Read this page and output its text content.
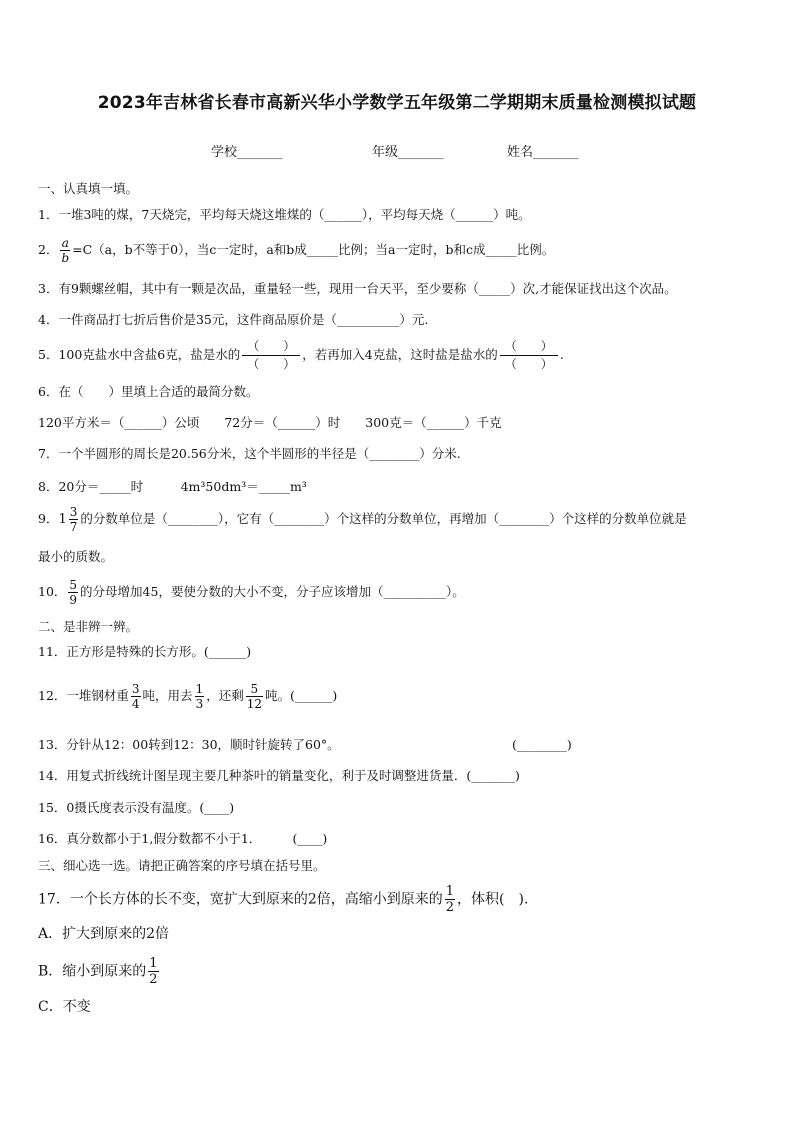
2023年吉林省长春市高新兴华小学数学五年级第二学期期末质量检测模拟试题
学校_______	年级_______	姓名_______
一、认真填一填。
1．一堆3吨的煤，7天烧完，平均每天烧这堆煤的（______），平均每天烧（______）吨。
2． $\frac{a}{b} =C(a$，b不等于0），当c一定时，a和b成_____比例；当a一定时，b和c成_____比例。
3．有9颗螺丝帽，其中有一颗是次品，重量轻一些，现用一台天平，至少要称（_____）次,才能保证找出这个次品。
4．一件商品打七折后售价是35元，这件商品原价是（__________）元.
5．100克盐水中含盐6克，盐是水的
（　　）
（　　）
，若再加入4克盐，这时盐是盐水的
（　　）
（　　）
.
6．在（　　）里填上合适的最简分数。
120平方米＝（______）公顷　　72分＝（______）时　　300克＝（______）千克
7．一个半圆形的周长是20.56分米，这个半圆形的半径是（________）分米.
8．20分＝_____时　　　4m³50dm³＝_____m³
9．$1 \frac{3}{7}$ 的分数单位是（________），它有（________）个这样的分数单位，再增加（________）个这样的分数单位就是
最小的质数。
10． $\frac{5}{9}$ 的分母增加45，要使分数的大小不变，分子应该增加（__________）。
二、是非辨一辨。
11．正方形是特殊的长方形。(______)
12．一堆钢材重 $\frac{3}{4}$ 吨，用去 $\frac{1}{3}$ ，还剩 $\frac{5}{12}$ 吨。(______)
13．分针从12：00转到12：30，顺时针旋转了60°。	(________)
14．用复式折线统计图呈现主要几种茶叶的销量变化，利于及时调整进货量．(_______)
15．0摄氏度表示没有温度。(____)
16．真分数都小于1,假分数都不小于1．　　　(____)
三、细心选一选。请把正确答案的序号填在括号里。
17．一个长方体的长不变，宽扩大到原来的2倍，高缩小到原来的 $\frac{1}{2}$ ，体积(　).
A．扩大到原来的2倍
B．缩小到原来的 $\frac{1}{2}$
C．不变
